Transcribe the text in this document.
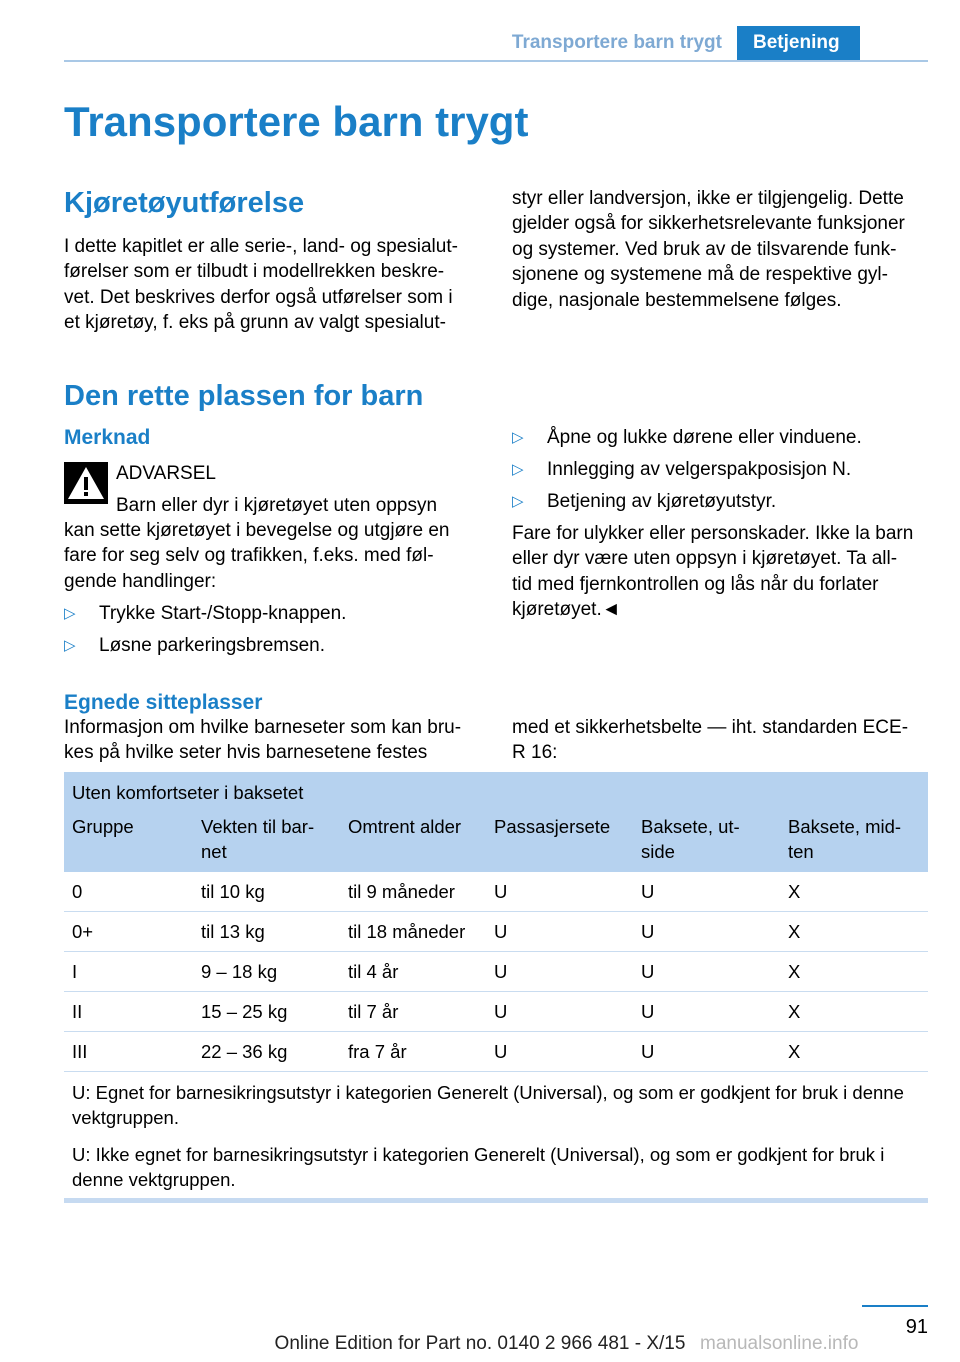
Transportere barn trygt	Betjening
Transportere barn trygt
Kjøretøyutførelse

I dette kapitlet er alle serie-, land- og spesialut-
førelser som er tilbudt i modellrekken beskre-
vet. Det beskrives derfor også utførelser som i
et kjøretøy, f. eks på grunn av valgt spesialut-

styr eller landversjon, ikke er tilgjengelig. Dette
gjelder også for sikkerhetsrelevante funksjoner
og systemer. Ved bruk av de tilsvarende funk-
sjonene og systemene må de respektive gyl-
dige, nasjonale bestemmelsene følges.

Den rette plassen for barn
Merknad

ADVARSEL

Barn eller dyr i kjøretøyet uten oppsyn

kan sette kjøretøyet i bevegelse og utgjøre en
fare for seg selv og trafikken, f.eks. med føl-
gende handlinger:

▷ Trykke Start-/Stopp-knappen.
▷ Løsne parkeringsbremsen.
▷ Åpne og lukke dørene eller vinduene.
▷ Innlegging av velgerspakposisjon N.
▷ Betjening av kjøretøyutstyr.

Fare for ulykker eller personskader. Ikke la barn
eller dyr være uten oppsyn i kjøretøyet. Ta all-
tid med fjernkontrollen og lås når du forlater
kjøretøyet.◄

Egnede sitteplasser

Informasjon om hvilke barneseter som kan bru-
kes på hvilke seter hvis barnesetene festes

med et sikkerhetsbelte — iht. standarden ECE-
R 16:

Uten komfortseter i baksetet					
Gruppe	Vekten til bar-
net	Omtrent alder	Passasjersete	Baksete, ut-
side	Baksete, mid-
ten
0	til 10 kg	til 9 måneder	U	U	X
0+	til 13 kg	til 18 måneder	U	U	X
I	9 – 18 kg	til 4 år	U	U	X
II	15 – 25 kg	til 7 år	U	U	X
III	22 – 36 kg	fra 7 år	U	U	X
U: Egnet for barnesikringsutstyr i kategorien Generelt (Universal), og som er godkjent for bruk i denne vektgruppen.					
U: Ikke egnet for barnesikringsutstyr i kategorien Generelt (Universal), og som er godkjent for bruk i denne vektgruppen.					
91
Online Edition for Part no. 0140 2 966 481 - X/15 manualsonline.info
